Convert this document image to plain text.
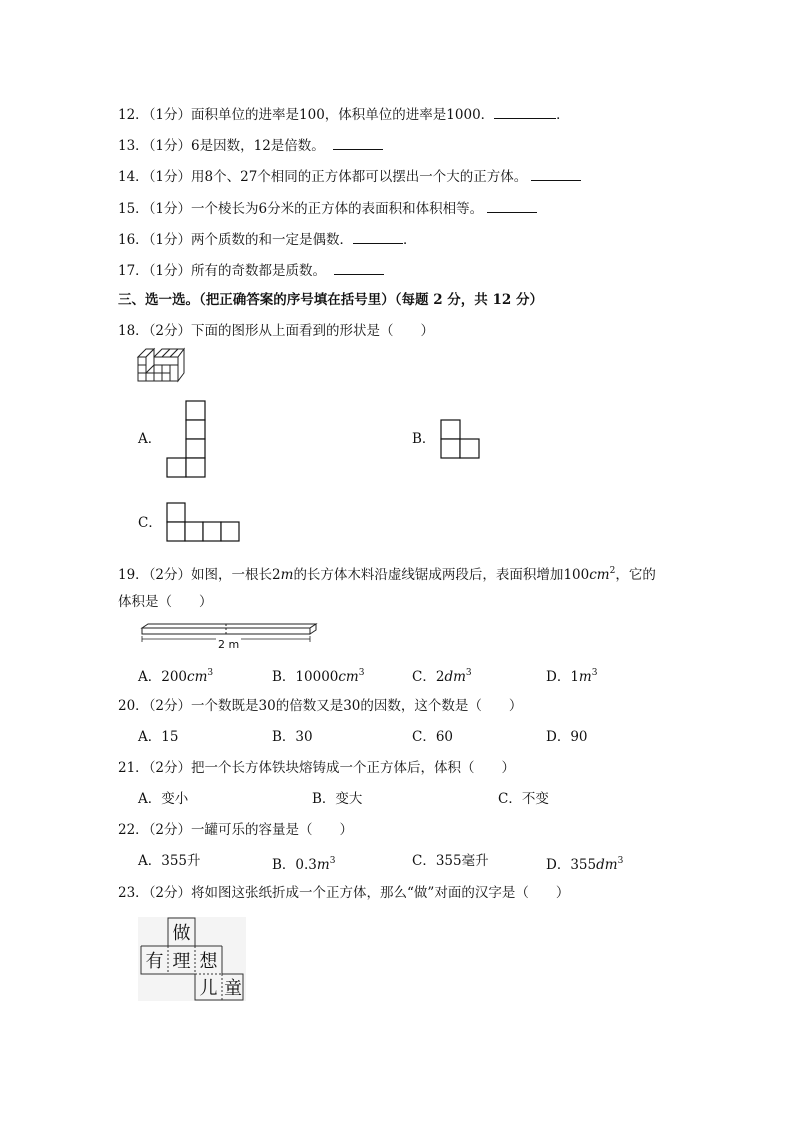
12．（1分）面积单位的进率是100，体积单位的进率是1000．	．
13．（1分）6是因数，12是倍数。
14．（1分）用8个、27个相同的正方体都可以摆出一个大的正方体。
15．（1分）一个棱长为6分米的正方体的表面积和体积相等。
16．（1分）两个质数的和一定是偶数．	．
17．（1分）所有的奇数都是质数。
三、选一选。（把正确答案的序号填在括号里）（每题 2 分，共 12 分）
18．（2分）下面的图形从上面看到的形状是（　　）
A．	B．
C．
19．（2分）如图，一根长2m的长方体木料沿虚线锯成两段后，表面积增加$100cm^2$，它的
体积是（　　）
2 m
A．$200cm^3$	B．$10000cm^3$	C．$2dm^3$	D．$1m^3$
20．（2分）一个数既是30的倍数又是30的因数，这个数是（　　）
A．15	B．30	C．60	D．90
21．（2分）把一个长方体铁块熔铸成一个正方体后，体积（　　）
A．变小	B．变大	C．不变
22．（2分）一罐可乐的容量是（　　）
A．355升	B．$0.3m^3$	C．355毫升	D．$355dm^3$
23．（2分）将如图这张纸折成一个正方体，那么“做”对面的汉字是（　　）
做
有 理 想
儿 童
